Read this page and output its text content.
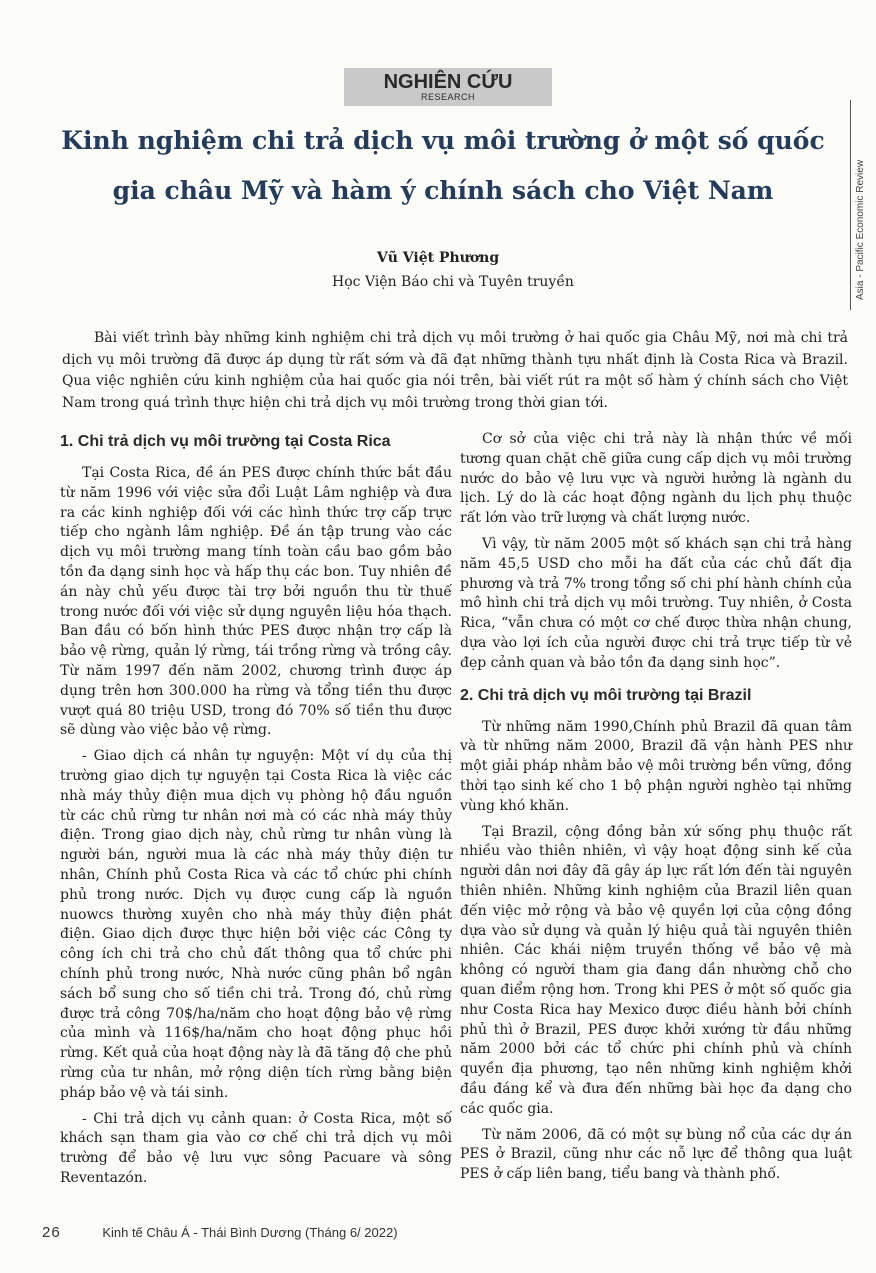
NGHIÊN CỨU
RESEARCH
Asia - Pacific Economic Review
Kinh nghiệm chi trả dịch vụ môi trường ở một số quốc gia châu Mỹ và hàm ý chính sách cho Việt Nam
Vũ Việt Phương
Học Viện Báo chi và Tuyên truyền
Bài viết trình bày những kinh nghiệm chi trả dịch vụ môi trường ở hai quốc gia Châu Mỹ, nơi mà chi trả dịch vụ môi trường đã được áp dụng từ rất sớm và đã đạt những thành tựu nhất định là Costa Rica và Brazil. Qua việc nghiên cứu kinh nghiệm của hai quốc gia nói trên, bài viết rút ra một số hàm ý chính sách cho Việt Nam trong quá trình thực hiện chi trả dịch vụ môi trường trong thời gian tới.
1. Chi trả dịch vụ môi trường tại Costa Rica

Tại Costa Rica, đề án PES được chính thức bắt đầu từ năm 1996 với việc sửa đổi Luật Lâm nghiệp và đưa ra các kinh nghiệp đối với các hình thức trợ cấp trực tiếp cho ngành lâm nghiệp. Đề án tập trung vào các dịch vụ môi trường mang tính toàn cầu bao gồm bảo tồn đa dạng sinh học và hấp thụ các bon. Tuy nhiên đề án này chủ yếu được tài trợ bởi nguồn thu từ thuế trong nước đối với việc sử dụng nguyên liệu hóa thạch. Ban đầu có bốn hình thức PES được nhận trợ cấp là bảo vệ rừng, quản lý rừng, tái trồng rừng và trồng cây. Từ năm 1997 đến năm 2002, chương trình được áp dụng trên hơn 300.000 ha rừng và tổng tiền thu được vượt quá 80 triệu USD, trong đó 70% số tiền thu được sẽ dùng vào việc bảo vệ rừng.

- Giao dịch cá nhân tự nguyện: Một ví dụ của thị trường giao dịch tự nguyện tại Costa Rica là việc các nhà máy thủy điện mua dịch vụ phòng hộ đầu nguồn từ các chủ rừng tư nhân nơi mà có các nhà máy thủy điện. Trong giao dịch này, chủ rừng tư nhân vùng là người bán, người mua là các nhà máy thủy điện tư nhân, Chính phủ Costa Rica và các tổ chức phi chính phủ trong nước. Dịch vụ được cung cấp là nguồn nuowcs thường xuyên cho nhà máy thủy điện phát điện. Giao dịch được thực hiện bởi việc các Công ty công ích chi trả cho chủ đất thông qua tổ chức phi chính phủ trong nước, Nhà nước cũng phân bổ ngân sách bổ sung cho số tiền chi trả. Trong đó, chủ rừng được trả công 70$/ha/năm cho hoạt động bảo vệ rừng của mình và 116$/ha/năm cho hoạt động phục hồi rừng. Kết quả của hoạt động này là đã tăng độ che phủ rừng của tư nhân, mở rộng diện tích rừng bằng biện pháp bảo vệ và tái sinh.

- Chi trả dịch vụ cảnh quan: ở Costa Rica, một số khách sạn tham gia vào cơ chế chi trả dịch vụ môi trường để bảo vệ lưu vực sông Pacuare và sông Reventazón.

Cơ sở của việc chi trả này là nhận thức về mối tương quan chặt chẽ giữa cung cấp dịch vụ môi trường nước do bảo vệ lưu vực và người hưởng là ngành du lịch. Lý do là các hoạt động ngành du lịch phụ thuộc rất lớn vào trữ lượng và chất lượng nước.

Vì vậy, từ năm 2005 một số khách sạn chi trả hàng năm 45,5 USD cho mỗi ha đất của các chủ đất địa phương và trả 7% trong tổng số chi phí hành chính của mô hình chi trả dịch vụ môi trường. Tuy nhiên, ở Costa Rica, “vẫn chưa có một cơ chế được thừa nhận chung, dựa vào lợi ích của người được chi trả trực tiếp từ vẻ đẹp cảnh quan và bảo tồn đa dạng sinh học”.

2. Chi trả dịch vụ môi trường tại Brazil

Từ những năm 1990,Chính phủ Brazil đã quan tâm và từ những năm 2000, Brazil đã vận hành PES như một giải pháp nhằm bảo vệ môi trường bền vững, đồng thời tạo sinh kế cho 1 bộ phận người nghèo tại những vùng khó khăn.

Tại Brazil, cộng đồng bản xứ sống phụ thuộc rất nhiều vào thiên nhiên, vì vậy hoạt động sinh kế của người dân nơi đây đã gây áp lực rất lớn đến tài nguyên thiên nhiên. Những kinh nghiệm của Brazil liên quan đến việc mở rộng và bảo vệ quyền lợi của cộng đồng dựa vào sử dụng và quản lý hiệu quả tài nguyên thiên nhiên. Các khái niệm truyền thống về bảo vệ mà không có người tham gia đang dần nhường chỗ cho quan điểm rộng hơn. Trong khi PES ở một số quốc gia như Costa Rica hay Mexico được điều hành bởi chính phủ thì ở Brazil, PES được khởi xướng từ đầu những năm 2000 bởi các tổ chức phi chính phủ và chính quyền địa phương, tạo nên những kinh nghiệm khởi đầu đáng kể và đưa đến những bài học đa dạng cho các quốc gia.

Từ năm 2006, đã có một sự bùng nổ của các dự án PES ở Brazil, cũng như các nỗ lực để thông qua luật PES ở cấp liên bang, tiểu bang và thành phố.

26	Kinh tế Châu Á - Thái Bình Dương (Tháng 6/ 2022)
